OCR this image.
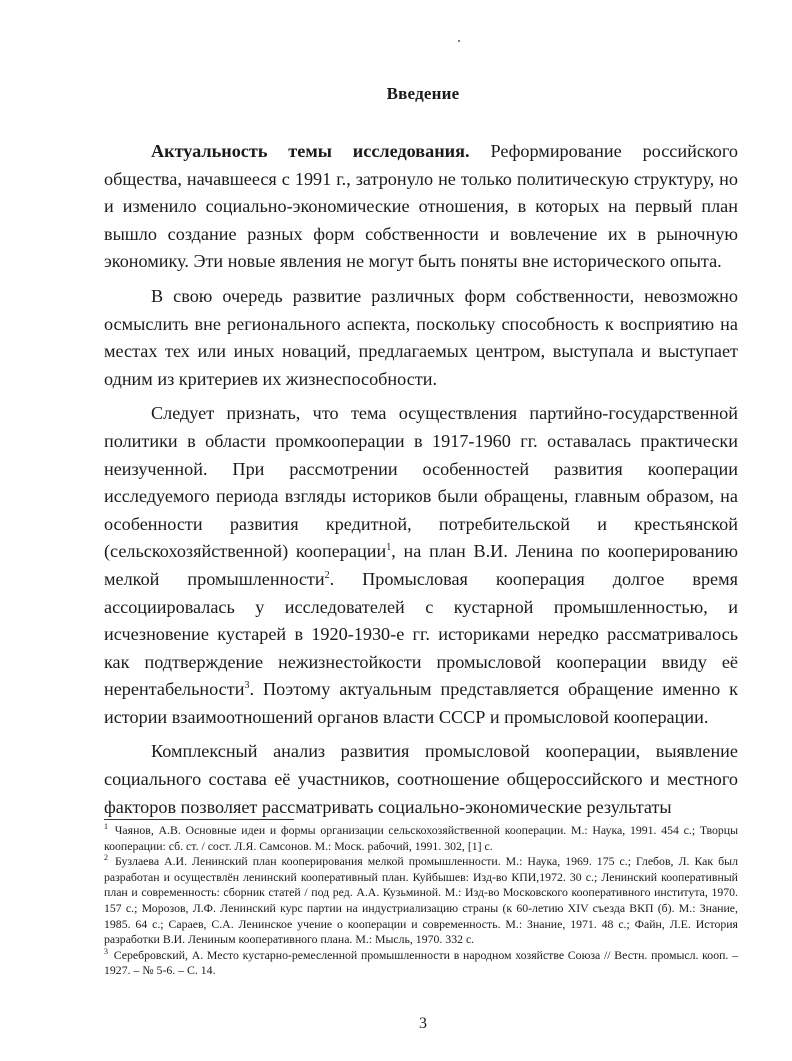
Введение

Актуальность темы исследования. Реформирование российского общества, начавшееся с 1991 г., затронуло не только политическую структуру, но и изменило социально-экономические отношения, в которых на первый план вышло создание разных форм собственности и вовлечение их в рыночную экономику. Эти новые явления не могут быть поняты вне исторического опыта.

В свою очередь развитие различных форм собственности, невозможно осмыслить вне регионального аспекта, поскольку способность к восприятию на местах тех или иных новаций, предлагаемых центром, выступала и выступает одним из критериев их жизнеспособности.

Следует признать, что тема осуществления партийно-государственной политики в области промкооперации в 1917-1960 гг. оставалась практически неизученной. При рассмотрении особенностей развития кооперации исследуемого периода взгляды историков были обращены, главным образом, на особенности развития кредитной, потребительской и крестьянской (сельскохозяйственной) кооперации$^1$, на план В.И. Ленина по кооперированию мелкой промышленности$^2$. Промысловая кооперация долгое время ассоциировалась у исследователей с кустарной промышленностью, и исчезновение кустарей в 1920-1930-е гг. историками нередко рассматривалось как подтверждение нежизнестойкости промысловой кооперации ввиду её нерентабельности$^3$. Поэтому актуальным представляется обращение именно к истории взаимоотношений органов власти СССР и промысловой кооперации.

Комплексный анализ развития промысловой кооперации, выявление социального состава её участников, соотношение общероссийского и местного факторов позволяет рассматривать социально-экономические результаты

$^1$ Чаянов, А.В. Основные идеи и формы организации сельскохозяйственной кооперации. М.: Наука, 1991. 454 с.; Творцы кооперации: сб. ст. / сост. Л.Я. Самсонов. М.: Моск. рабочий, 1991. 302, [1] с.

$^2$ Бузлаева А.И. Ленинский план кооперирования мелкой промышленности. М.: Наука, 1969. 175 с.; Глебов, Л. Как был разработан и осуществлён ленинский кооперативный план. Куйбышев: Изд-во КПИ,1972. 30 с.; Ленинский кооперативный план и современность: сборник статей / под ред. А.А. Кузьминой. М.: Изд-во Московского кооперативного института, 1970. 157 с.; Морозов, Л.Ф. Ленинский курс партии на индустриализацию страны (к 60-летию XIV съезда ВКП (б). М.: Знание, 1985. 64 с.; Сараев, С.А. Ленинское учение о кооперации и современность. М.: Знание, 1971. 48 с.; Файн, Л.Е. История разработки В.И. Лениным кооперативного плана. М.: Мысль, 1970. 332 с.

$^3$ Серебровский, А. Место кустарно-ремесленной промышленности в народном хозяйстве Союза // Вестн. промысл. кооп. – 1927. – № 5-6. – С. 14.

3
